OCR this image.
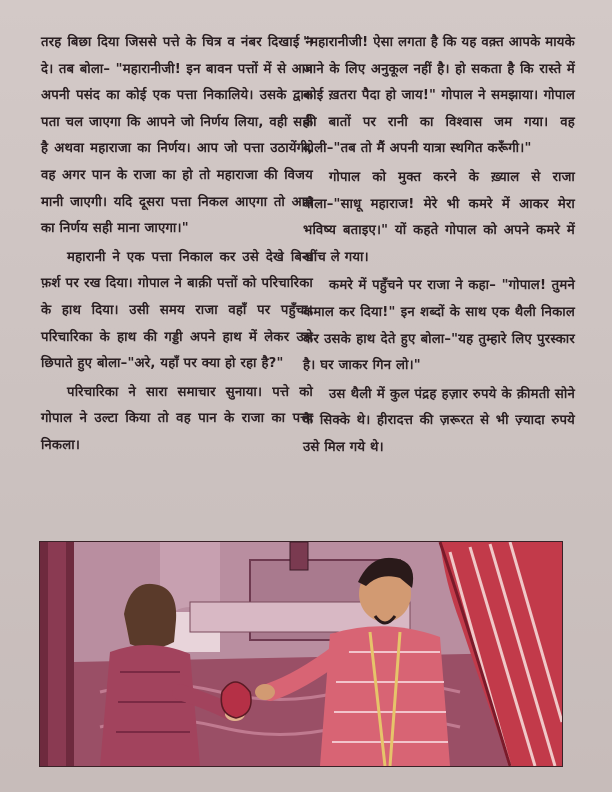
तरह बिछा दिया जिससे पत्ते के चित्र व नंबर दिखाई न दे। तब बोला– "महारानीजी! इन बावन पत्तों में से आप अपनी पसंद का कोई एक पत्ता निकालिये। उसके द्वारा पता चल जाएगा कि आपने जो निर्णय लिया, वही सही है अथवा महाराजा का निर्णय। आप जो पत्ता उठायेंगी, वह अगर पान के राजा का हो तो महाराजा की विजय मानी जाएगी। यदि दूसरा पत्ता निकल आएगा तो आप का निर्णय सही माना जाएगा।"

महारानी ने एक पत्ता निकाल कर उसे देखे बिना फ़र्श पर रख दिया। गोपाल ने बाक़ी पत्तों को परिचारिका के हाथ दिया। उसी समय राजा वहाँ पर पहुँचा। परिचारिका के हाथ की गड्डी अपने हाथ में लेकर उसे छिपाते हुए बोला–"अरे, यहाँ पर क्या हो रहा है?"

परिचारिका ने सारा समाचार सुनाया। पत्ते को गोपाल ने उल्टा किया तो वह पान के राजा का पत्ता निकला।

"महारानीजी! ऐसा लगता है कि यह वक़्त आपके मायके जाने के लिए अनुकूल नहीं है। हो सकता है कि रास्ते में कोई ख़तरा पैदा हो जाय!" गोपाल ने समझाया। गोपाल की बातों पर रानी का विश्वास जम गया। वह बोली–"तब तो मैं अपनी यात्रा स्थगित करूँगी।"

गोपाल को मुक्त करने के ख़्याल से राजा बोला–"साधू महाराज! मेरे भी कमरे में आकर मेरा भविष्य बताइए।" यों कहते गोपाल को अपने कमरे में खींच ले गया।

कमरे में पहुँचने पर राजा ने कहा– "गोपाल! तुमने कमाल कर दिया!" इन शब्दों के साथ एक थैली निकाल कर उसके हाथ देते हुए बोला–"यह तुम्हारे लिए पुरस्कार है। घर जाकर गिन लो।"

उस थैली में कुल पंद्रह हज़ार रुपये के क़ीमती सोने के सिक्के थे। हीरादत्त की ज़रूरत से भी ज़्यादा रुपये उसे मिल गये थे।
